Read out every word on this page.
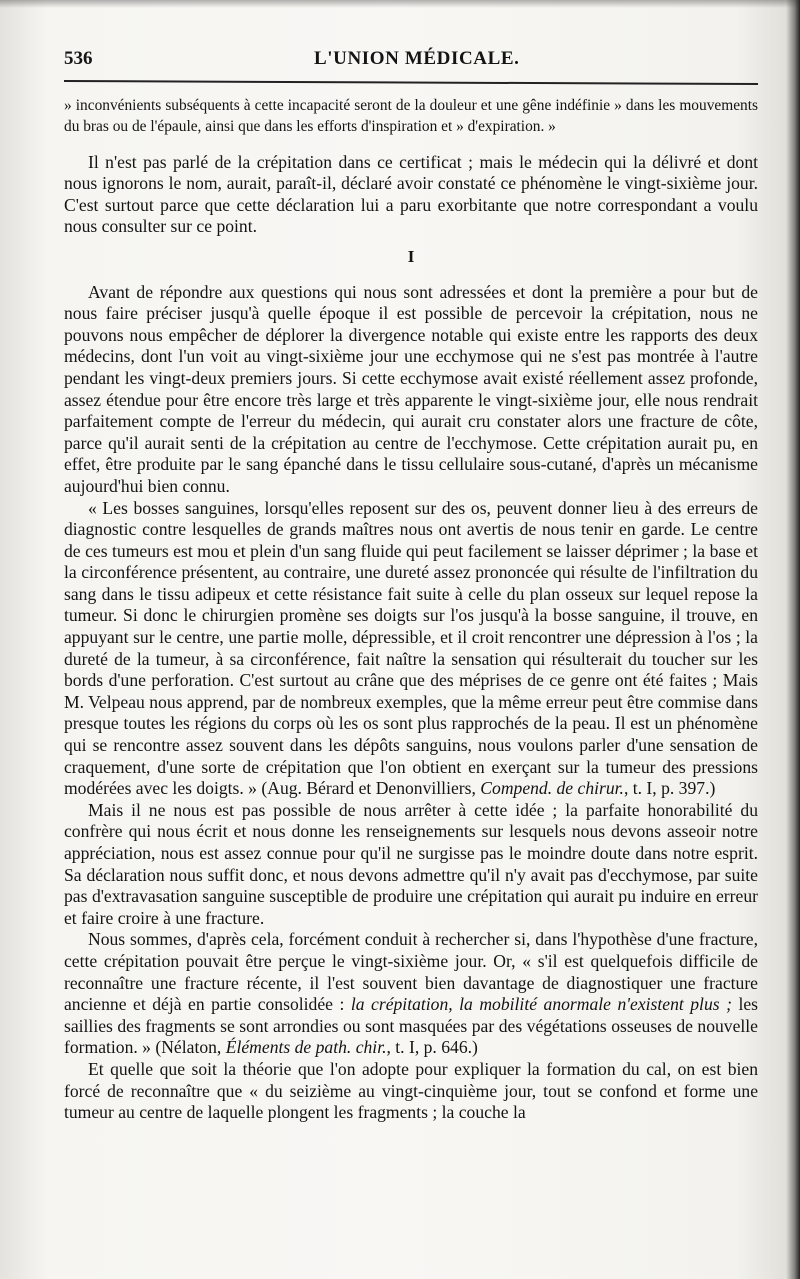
536	L'UNION MÉDICALE.

» inconvénients subséquents à cette incapacité seront de la douleur et une gêne indéfinie » dans les mouvements du bras ou de l'épaule, ainsi que dans les efforts d'inspiration et » d'expiration. »

Il n'est pas parlé de la crépitation dans ce certificat ; mais le médecin qui la délivré et dont nous ignorons le nom, aurait, paraît-il, déclaré avoir constaté ce phénomène le vingt-sixième jour. C'est surtout parce que cette déclaration lui a paru exorbitante que notre correspondant a voulu nous consulter sur ce point.

I

Avant de répondre aux questions qui nous sont adressées et dont la première a pour but de nous faire préciser jusqu'à quelle époque il est possible de percevoir la crépitation, nous ne pouvons nous empêcher de déplorer la divergence notable qui existe entre les rapports des deux médecins, dont l'un voit au vingt-sixième jour une ecchymose qui ne s'est pas montrée à l'autre pendant les vingt-deux premiers jours. Si cette ecchymose avait existé réellement assez profonde, assez étendue pour être encore très large et très apparente le vingt-sixième jour, elle nous rendrait parfaitement compte de l'erreur du médecin, qui aurait cru constater alors une fracture de côte, parce qu'il aurait senti de la crépitation au centre de l'ecchymose. Cette crépitation aurait pu, en effet, être produite par le sang épanché dans le tissu cellulaire sous-cutané, d'après un mécanisme aujourd'hui bien connu.

« Les bosses sanguines, lorsqu'elles reposent sur des os, peuvent donner lieu à des erreurs de diagnostic contre lesquelles de grands maîtres nous ont avertis de nous tenir en garde. Le centre de ces tumeurs est mou et plein d'un sang fluide qui peut facilement se laisser déprimer ; la base et la circonférence présentent, au contraire, une dureté assez prononcée qui résulte de l'infiltration du sang dans le tissu adipeux et cette résistance fait suite à celle du plan osseux sur lequel repose la tumeur. Si donc le chirurgien promène ses doigts sur l'os jusqu'à la bosse sanguine, il trouve, en appuyant sur le centre, une partie molle, dépressible, et il croit rencontrer une dépression à l'os ; la dureté de la tumeur, à sa circonférence, fait naître la sensation qui résulterait du toucher sur les bords d'une perforation. C'est surtout au crâne que des méprises de ce genre ont été faites ; Mais M. Velpeau nous apprend, par de nombreux exemples, que la même erreur peut être commise dans presque toutes les régions du corps où les os sont plus rapprochés de la peau. Il est un phénomène qui se rencontre assez souvent dans les dépôts sanguins, nous voulons parler d'une sensation de craquement, d'une sorte de crépitation que l'on obtient en exerçant sur la tumeur des pressions modérées avec les doigts. » (Aug. Bérard et Denonvilliers, Compend. de chirur., t. I, p. 397.)

Mais il ne nous est pas possible de nous arrêter à cette idée ; la parfaite honorabilité du confrère qui nous écrit et nous donne les renseignements sur lesquels nous devons asseoir notre appréciation, nous est assez connue pour qu'il ne surgisse pas le moindre doute dans notre esprit. Sa déclaration nous suffit donc, et nous devons admettre qu'il n'y avait pas d'ecchymose, par suite pas d'extravasation sanguine susceptible de produire une crépitation qui aurait pu induire en erreur et faire croire à une fracture.

Nous sommes, d'après cela, forcément conduit à rechercher si, dans l'hypothèse d'une fracture, cette crépitation pouvait être perçue le vingt-sixième jour. Or, « s'il est quelquefois difficile de reconnaître une fracture récente, il l'est souvent bien davantage de diagnostiquer une fracture ancienne et déjà en partie consolidée : la crépitation, la mobilité anormale n'existent plus ; les saillies des fragments se sont arrondies ou sont masquées par des végétations osseuses de nouvelle formation. » (Nélaton, Éléments de path. chir., t. I, p. 646.)

Et quelle que soit la théorie que l'on adopte pour expliquer la formation du cal, on est bien forcé de reconnaître que « du seizième au vingt-cinquième jour, tout se confond et forme une tumeur au centre de laquelle plongent les fragments ; la couche la
